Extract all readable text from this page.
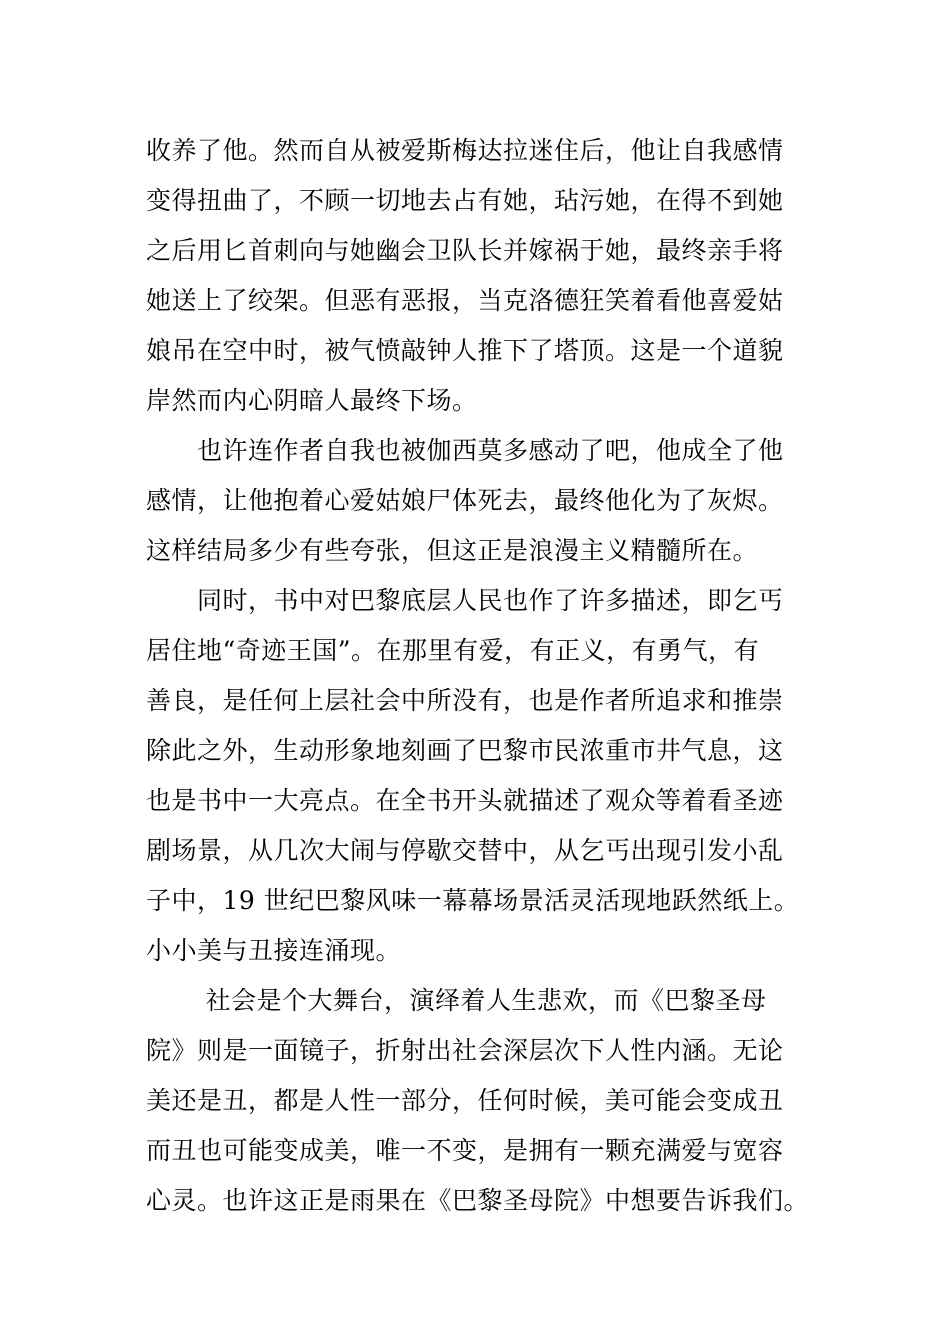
收养了他。然而自从被爱斯梅达拉迷住后，他让自我感情
变得扭曲了，不顾一切地去占有她，玷污她，在得不到她
之后用匕首刺向与她幽会卫队长并嫁祸于她，最终亲手将
她送上了绞架。但恶有恶报，当克洛德狂笑着看他喜爱姑
娘吊在空中时，被气愤敲钟人推下了塔顶。这是一个道貌
岸然而内心阴暗人最终下场。
　　也许连作者自我也被伽西莫多感动了吧，他成全了他
感情，让他抱着心爱姑娘尸体死去，最终他化为了灰烬。
这样结局多少有些夸张，但这正是浪漫主义精髓所在。
　　同时，书中对巴黎底层人民也作了许多描述，即乞丐
居住地“奇迹王国”。在那里有爱，有正义，有勇气，有
善良，是任何上层社会中所没有，也是作者所追求和推崇
除此之外，生动形象地刻画了巴黎市民浓重市井气息，这
也是书中一大亮点。在全书开头就描述了观众等着看圣迹
剧场景，从几次大闹与停歇交替中，从乞丐出现引发小乱
子中，19 世纪巴黎风味一幕幕场景活灵活现地跃然纸上。
小小美与丑接连涌现。
　　 社会是个大舞台，演绎着人生悲欢，而《巴黎圣母
院》则是一面镜子，折射出社会深层次下人性内涵。无论
美还是丑，都是人性一部分，任何时候，美可能会变成丑
而丑也可能变成美，唯一不变，是拥有一颗充满爱与宽容
心灵。也许这正是雨果在《巴黎圣母院》中想要告诉我们。
